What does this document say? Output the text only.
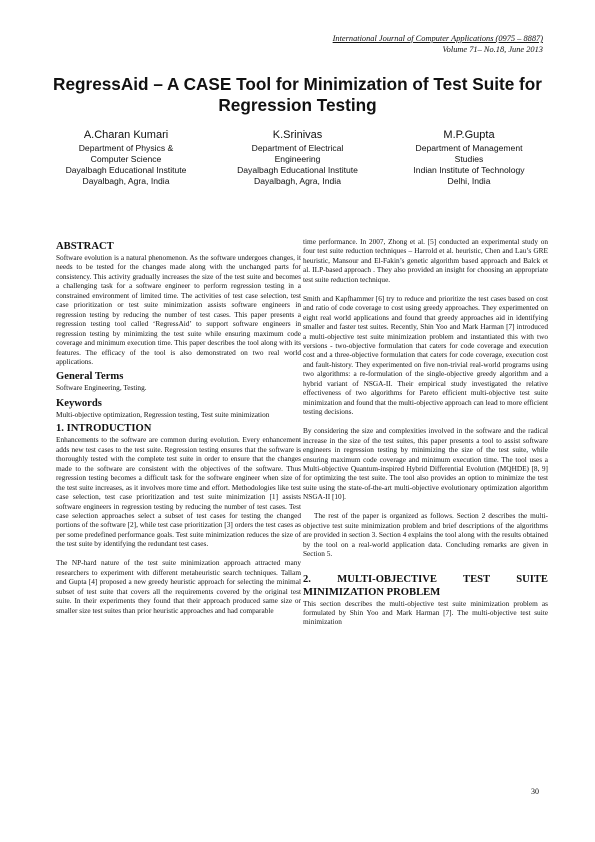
International Journal of Computer Applications (0975 – 8887)
Volume 71– No.18, June 2013
RegressAid – A CASE Tool for Minimization of Test Suite for Regression Testing
A.Charan Kumari
Department of Physics &
Computer Science
Dayalbagh Educational Institute
Dayalbagh, Agra, India
K.Srinivas
Department of Electrical
Engineering
Dayalbagh Educational Institute
Dayalbagh, Agra, India
M.P.Gupta
Department of Management
Studies
Indian Institute of Technology
Delhi, India
ABSTRACT

Software evolution is a natural phenomenon. As the software undergoes changes, it needs to be tested for the changes made along with the unchanged parts for consistency. This activity gradually increases the size of the test suite and becomes a challenging task for a software engineer to perform regression testing in a constrained environment of limited time. The activities of test case selection, test case prioritization or test suite minimization assists software engineers in regression testing by reducing the number of test cases. This paper presents a regression testing tool called ‘RegressAid’ to support software engineers in regression testing by minimizing the test suite while ensuring maximum code coverage and minimum execution time. This paper describes the tool along with its features. The efficacy of the tool is also demonstrated on two real world applications.

General Terms

Software Engineering, Testing.

Keywords

Multi-objective optimization, Regression testing, Test suite minimization

1. INTRODUCTION

Enhancements to the software are common during evolution. Every enhancement adds new test cases to the test suite. Regression testing ensures that the software is thoroughly tested with the complete test suite in order to ensure that the changes made to the software are consistent with the objectives of the software. Thus regression testing becomes a difficult task for the software engineer when size of the test suite increases, as it involves more time and effort. Methodologies like test case selection, test case prioritization and test suite minimization [1] assists software engineers in regression testing by reducing the number of test cases. Test case selection approaches select a subset of test cases for testing the changed portions of the software [2], while test case prioritization [3] orders the test cases as per some predefined performance goals. Test suite minimization reduces the size of the test suite by identifying the redundant test cases.

The NP-hard nature of the test suite minimization approach attracted many researchers to experiment with different metaheuristic search techniques. Tallam and Gupta [4] proposed a new greedy heuristic approach for selecting the minimal subset of test suite that covers all the requirements covered by the original test suite. In their experiments they found that their approach produced same size or smaller size test suites than prior heuristic approaches and had comparable

time performance. In 2007, Zhong et al. [5] conducted an experimental study on four test suite reduction techniques – Harrold et al. heuristic, Chen and Lau’s GRE heuristic, Mansour and El-Fakin’s genetic algorithm based approach and Balck et al. ILP-based approach . They also provided an insight for choosing an appropriate test suite reduction technique.

Smith and Kapfhammer [6] try to reduce and prioritize the test cases based on cost and ratio of code coverage to cost using greedy approaches. They experimented on eight real world applications and found that greedy approaches aid in identifying smaller and faster test suites. Recently, Shin Yoo and Mark Harman [7] introduced a multi-objective test suite minimization problem and instantiated this with two versions - two-objective formulation that caters for code coverage and execution cost and a three-objective formulation that caters for code coverage, execution cost and fault-history. They experimented on five non-trivial real-world programs using two algorithms: a re-formulation of the single-objective greedy algorithm and a hybrid variant of NSGA-II. Their empirical study investigated the relative effectiveness of two algorithms for Pareto efficient multi-objective test suite minimization and found that the multi-objective approach can lead to more efficient testing decisions.

By considering the size and complexities involved in the software and the radical increase in the size of the test suites, this paper presents a tool to assist software engineers in regression testing by minimizing the size of the test suite, while ensuring maximum code coverage and minimum execution time. The tool uses a Multi-objective Quantum-inspired Hybrid Differential Evolution (MQHDE) [8, 9] for optimizing the test suite. The tool also provides an option to minimize the test suite using the state-of-the-art multi-objective evolutionary optimization algorithm NSGA-II [10].

The rest of the paper is organized as follows. Section 2 describes the multi-objective test suite minimization problem and brief descriptions of the algorithms are provided in section 3. Section 4 explains the tool along with the results obtained by the tool on a real-world application data. Concluding remarks are given in Section 5.

2. MULTI-OBJECTIVE TEST SUITE MINIMIZATION PROBLEM

This section describes the multi-objective test suite minimization problem as formulated by Shin Yoo and Mark Harman [7]. The multi-objective test suite minimization

30
